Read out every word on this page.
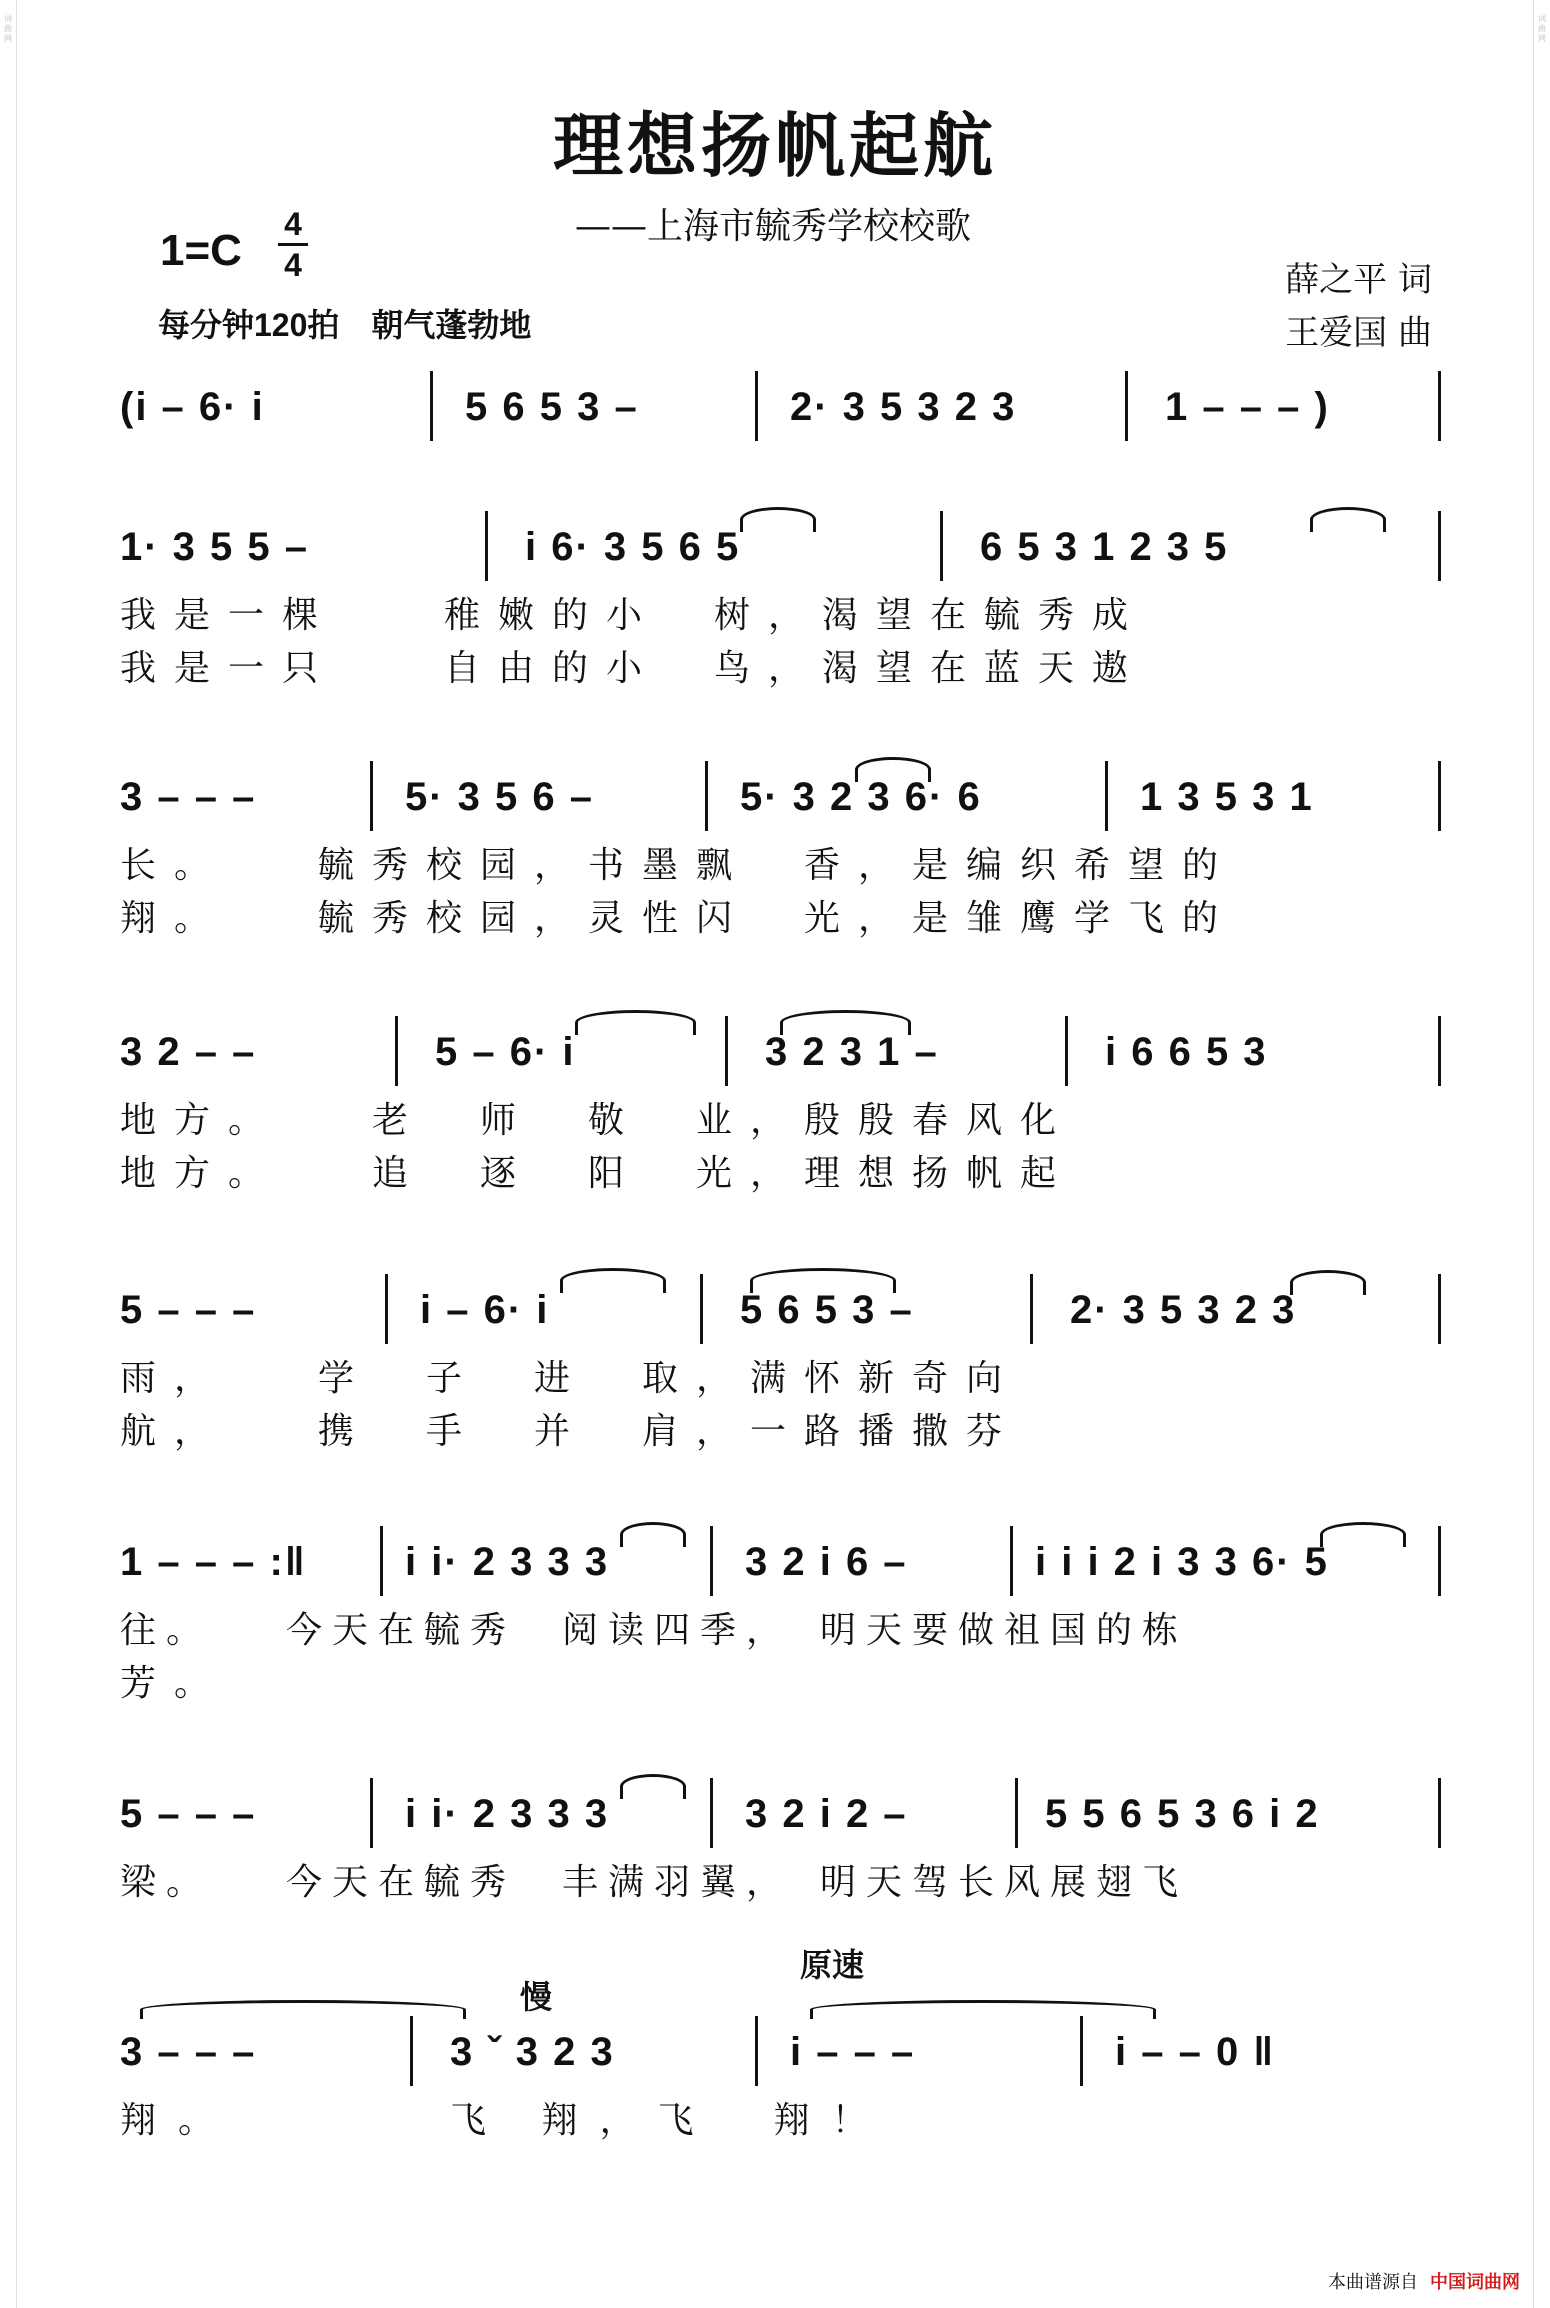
词 曲 网
词 曲 网
理想扬帆起航
——上海市毓秀学校校歌
1=C
4
4
每分钟120拍　朝气蓬勃地
薛之平 词
王爱国 曲
(i – 6· i	5 6 5 3 –	2· 3 5 3 2 3	1 – – – )
1· 3 5 5 –	i 6· 3 5 6 5	6 5 3 1 2 3 5
我是一棵　　稚嫩的小　树，渴望在毓秀成
我是一只　　自由的小　鸟，渴望在蓝天遨
3 – – –	5· 3 5 6 –	5· 3 2 3 6· 6	1 3 5 3 1
长。　　毓秀校园，书墨飘　香，是编织希望的
翔。　　毓秀校园，灵性闪　光，是雏鹰学飞的
3 2 – –	5 – 6· i	3 2 3 1 –	i 6 6 5 3
地方。　　老　师　敬　业，殷殷春风化
地方。　　追　逐　阳　光，理想扬帆起
5 – – –	i – 6· i	5 6 5 3 –	2· 3 5 3 2 3
雨，　　学　子　进　取，满怀新奇向
航，　　携　手　并　肩，一路播撒芬
1 – – – :‖ i i· 2 3 3 3	3 2 i 6 –	i i i 2 i 3 3 6· 5
往。　　今天在毓秀　阅读四季，　明天要做祖国的栋
芳。
5 – – –	i i· 2 3 3 3	3 2 i 2 –	5 5 6 5 3 6 i 2
梁。　　今天在毓秀　丰满羽翼，　明天驾长风展翅飞
慢
原速
3 – – –	3 ˇ 3 2 3	i – – –	i – – 0 ‖
翔。　　　　飞 翔，飞　翔！
本曲谱源自 中国词曲网
